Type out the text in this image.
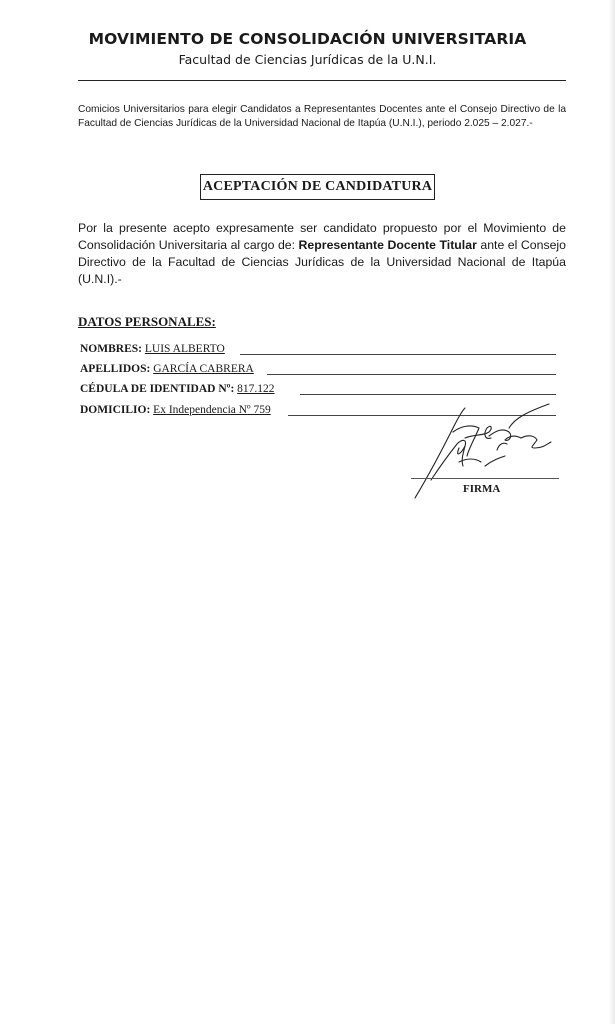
MOVIMIENTO DE CONSOLIDACIÓN UNIVERSITARIA
Facultad de Ciencias Jurídicas de la U.N.I.
Comicios Universitarios para elegir Candidatos a Representantes Docentes ante el Consejo Directivo de la Facultad de Ciencias Jurídicas de la Universidad Nacional de Itapúa (U.N.I.), periodo 2.025 – 2.027.-
ACEPTACIÓN DE CANDIDATURA
Por la presente acepto expresamente ser candidato propuesto por el Movimiento de Consolidación Universitaria al cargo de: Representante Docente Titular ante el Consejo Directivo de la Facultad de Ciencias Jurídicas de la Universidad Nacional de Itapúa (U.N.I).-
DATOS PERSONALES:
NOMBRES: LUIS ALBERTO
APELLIDOS: GARCÍA CABRERA
CÉDULA DE IDENTIDAD Nº: 817.122
DOMICILIO: Ex Independencia Nº 759
FIRMA
